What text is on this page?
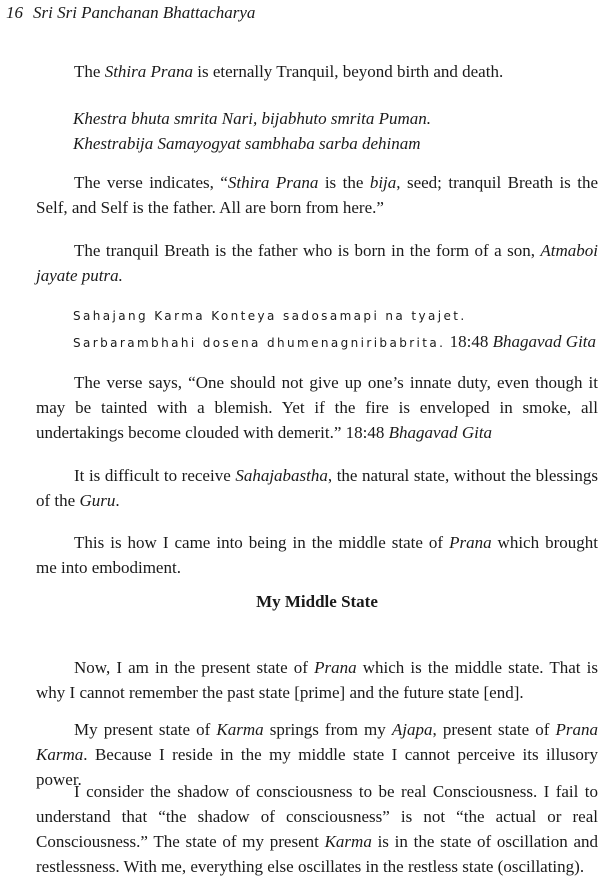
16 Sri Sri Panchanan Bhattacharya

The Sthira Prana is eternally Tranquil, beyond birth and death.

Khestra bhuta smrita Nari, bijabhuto smrita Puman.

Khestrabija Samayogyat sambhaba sarba dehinam

The verse indicates, “Sthira Prana is the bija, seed; tranquil Breath is the Self, and Self is the father. All are born from here.”

The tranquil Breath is the father who is born in the form of a son, Atmaboi jayate putra.

Sahajang Karma Konteya sadosamapi na tyajet.

Sarbarambhahi dosena dhumenagniribabrita. 18:48 Bhagavad Gita

The verse says, “One should not give up one’s innate duty, even though it may be tainted with a blemish. Yet if the fire is enveloped in smoke, all undertakings become clouded with demerit.” 18:48 Bhagavad Gita

It is difficult to receive Sahajabastha, the natural state, without the blessings of the Guru.

This is how I came into being in the middle state of Prana which brought me into embodiment.

My Middle State

Now, I am in the present state of Prana which is the middle state. That is why I cannot remember the past state [prime] and the future state [end].

My present state of Karma springs from my Ajapa, present state of Prana Karma. Because I reside in the my middle state I cannot perceive its illusory power.

I consider the shadow of consciousness to be real Consciousness. I fail to understand that “the shadow of consciousness” is not “the actual or real Consciousness.” The state of my present Karma is in the state of oscillation and restlessness. With me, everything else oscillates in the restless state (oscillating).
